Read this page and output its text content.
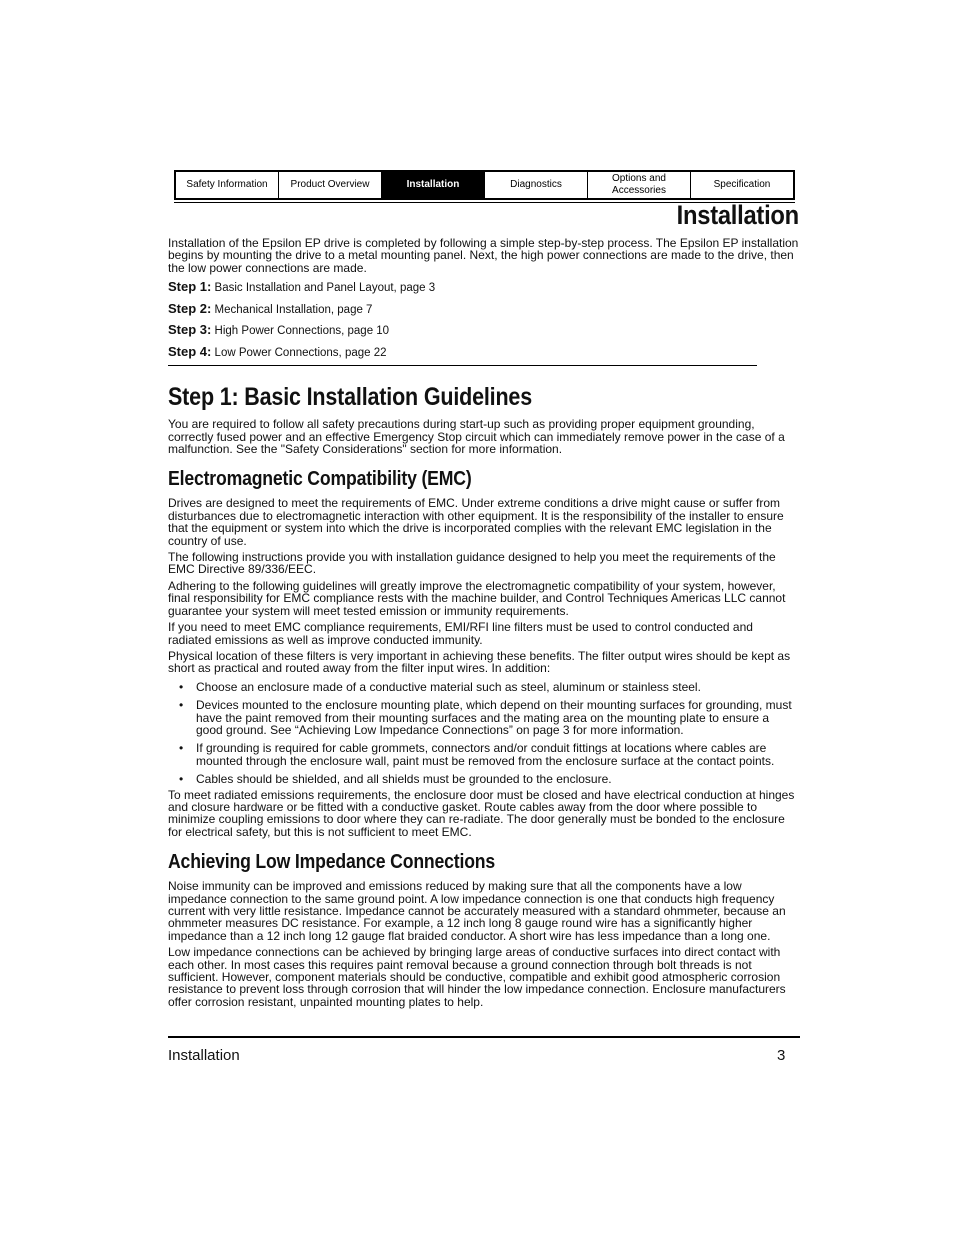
Safety Information	Product Overview	Installation	Diagnostics
Options and Accessories
Specification
Installation

Installation of the Epsilon EP drive is completed by following a simple step-by-step process. The Epsilon EP installation begins by mounting the drive to a metal mounting panel. Next, the high power connections are made to the drive, then the low power connections are made.

Step 1: Basic Installation and Panel Layout, page 3
Step 2: Mechanical Installation, page 7
Step 3: High Power Connections, page 10
Step 4: Low Power Connections, page 22
Step 1: Basic Installation Guidelines

You are required to follow all safety precautions during start-up such as providing proper equipment grounding, correctly fused power and an effective Emergency Stop circuit which can immediately remove power in the case of a malfunction. See the "Safety Considerations" section for more information.

Electromagnetic Compatibility (EMC)

Drives are designed to meet the requirements of EMC. Under extreme conditions a drive might cause or suffer from disturbances due to electromagnetic interaction with other equipment. It is the responsibility of the installer to ensure that the equipment or system into which the drive is incorporated complies with the relevant EMC legislation in the country of use.

The following instructions provide you with installation guidance designed to help you meet the requirements of the EMC Directive 89/336/EEC.

Adhering to the following guidelines will greatly improve the electromagnetic compatibility of your system, however, final responsibility for EMC compliance rests with the machine builder, and Control Techniques Americas LLC cannot guarantee your system will meet tested emission or immunity requirements.

If you need to meet EMC compliance requirements, EMI/RFI line filters must be used to control conducted and radiated emissions as well as improve conducted immunity.

Physical location of these filters is very important in achieving these benefits. The filter output wires should be kept as short as practical and routed away from the filter input wires. In addition:

• Choose an enclosure made of a conductive material such as steel, aluminum or stainless steel.
• Devices mounted to the enclosure mounting plate, which depend on their mounting surfaces for grounding, must have the paint removed from their mounting surfaces and the mating area on the mounting plate to ensure a good ground. See “Achieving Low Impedance Connections” on page 3 for more information.
• If grounding is required for cable grommets, connectors and/or conduit fittings at locations where cables are mounted through the enclosure wall, paint must be removed from the enclosure surface at the contact points.
• Cables should be shielded, and all shields must be grounded to the enclosure.

To meet radiated emissions requirements, the enclosure door must be closed and have electrical conduction at hinges and closure hardware or be fitted with a conductive gasket. Route cables away from the door where possible to minimize coupling emissions to door where they can re-radiate. The door generally must be bonded to the enclosure for electrical safety, but this is not sufficient to meet EMC.

Achieving Low Impedance Connections

Noise immunity can be improved and emissions reduced by making sure that all the components have a low impedance connection to the same ground point. A low impedance connection is one that conducts high frequency current with very little resistance. Impedance cannot be accurately measured with a standard ohmmeter, because an ohmmeter measures DC resistance. For example, a 12 inch long 8 gauge round wire has a significantly higher impedance than a 12 inch long 12 gauge flat braided conductor. A short wire has less impedance than a long one.

Low impedance connections can be achieved by bringing large areas of conductive surfaces into direct contact with each other. In most cases this requires paint removal because a ground connection through bolt threads is not sufficient. However, component materials should be conductive, compatible and exhibit good atmospheric corrosion resistance to prevent loss through corrosion that will hinder the low impedance connection. Enclosure manufacturers offer corrosion resistant, unpainted mounting plates to help.

Installation	3
